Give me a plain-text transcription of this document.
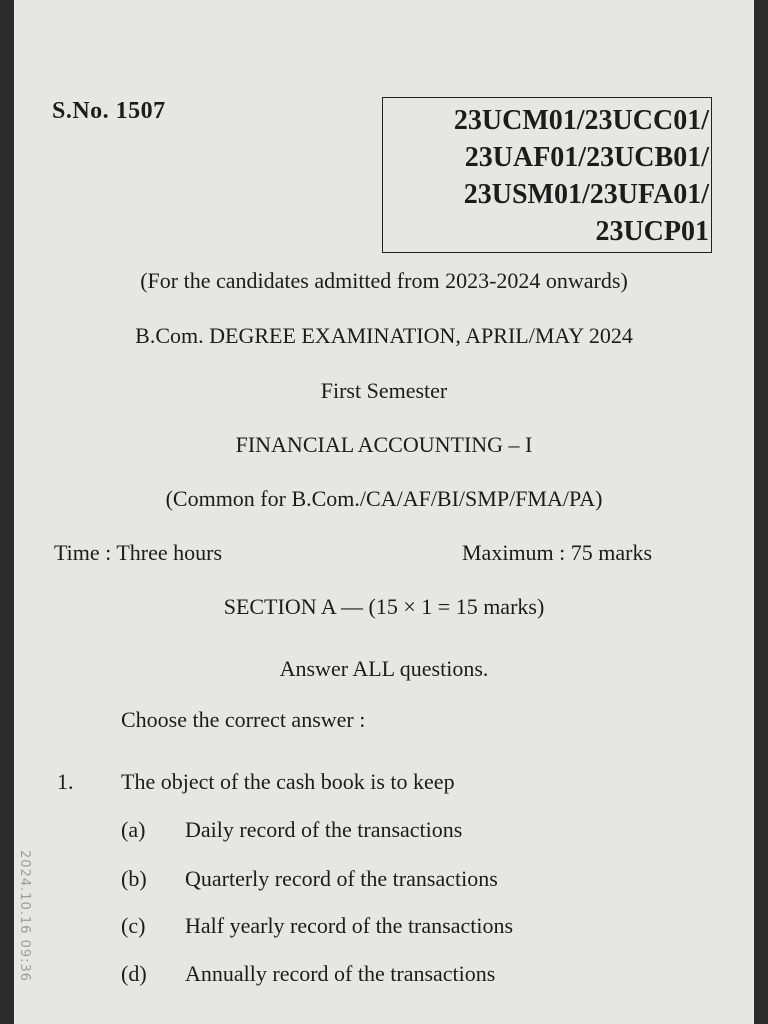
S.No. 1507	23UCM01/23UCC01/
23UAF01/23UCB01/
23USM01/23UFA01/
23UCP01
(For the candidates admitted from 2023-2024 onwards)
B.Com. DEGREE EXAMINATION, APRIL/MAY 2024
First Semester
FINANCIAL ACCOUNTING – I
(Common for B.Com./CA/AF/BI/SMP/FMA/PA)
Time : Three hours	Maximum : 75 marks
SECTION A — (15 × 1 = 15 marks)
Answer ALL questions.
Choose the correct answer :
1. The object of the cash book is to keep
(a) Daily record of the transactions
(b) Quarterly record of the transactions
(c) Half yearly record of the transactions
(d) Annually record of the transactions
2024.10.16 09:36
